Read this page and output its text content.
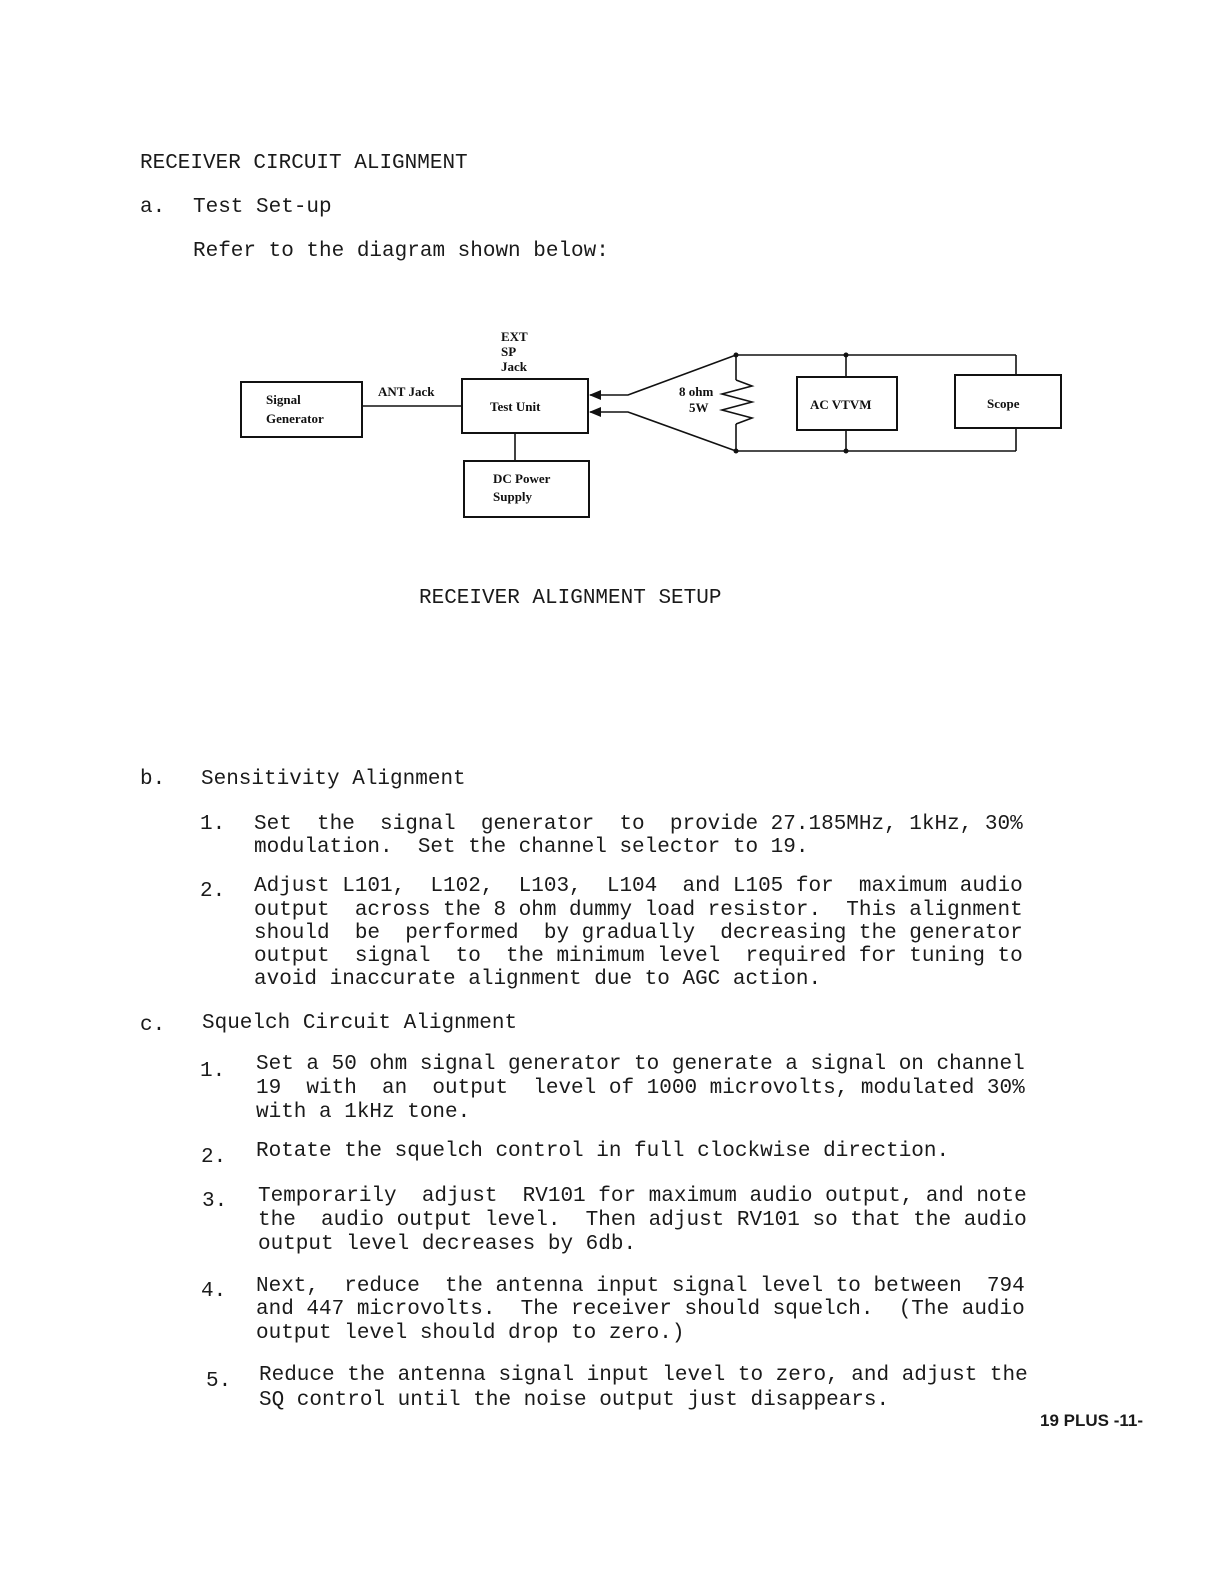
RECEIVER CIRCUIT ALIGNMENT
a. Test Set-up
Refer to the diagram shown below:
Signal
Generator
ANT Jack
EXT
SP
Jack
Test Unit
DC Power
Supply
8 ohm
5W	AC VTVM	Scope
RECEIVER ALIGNMENT SETUP
b. Sensitivity Alignment
1. Set  the  signal  generator  to  provide 27.185MHz, 1kHz, 30%
modulation.  Set the channel selector to 19.
2. Adjust L101,  L102,  L103,  L104  and L105 for  maximum audio
output  across the 8 ohm dummy load resistor.  This alignment
should  be  performed  by gradually  decreasing the generator
output  signal  to  the minimum level  required for tuning to
avoid inaccurate alignment due to AGC action.
c. Squelch Circuit Alignment
1. Set a 50 ohm signal generator to generate a signal on channel
19  with  an  output  level of 1000 microvolts, modulated 30%
with a 1kHz tone.
2. Rotate the squelch control in full clockwise direction.
3. Temporarily  adjust  RV101 for maximum audio output, and note
the  audio output level.  Then adjust RV101 so that the audio
output level decreases by 6db.
4. Next,  reduce  the antenna input signal level to between  794
and 447 microvolts.  The receiver should squelch.  (The audio
output level should drop to zero.)
5. Reduce the antenna signal input level to zero, and adjust the
SQ control until the noise output just disappears.
19 PLUS -11-
